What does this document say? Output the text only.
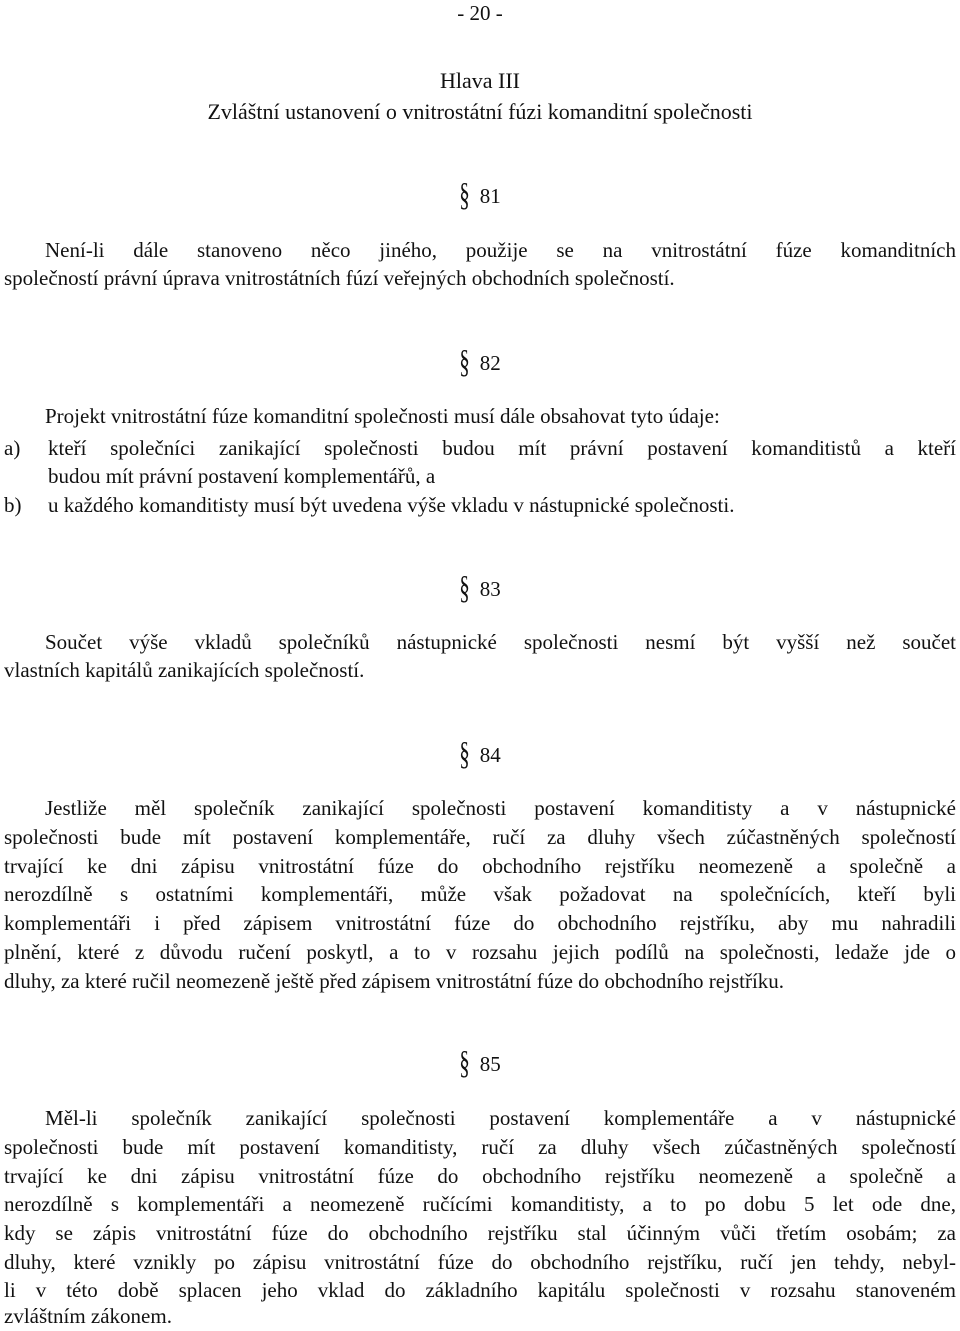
- 20 -
Hlava III
Zvláštní ustanovení o vnitrostátní fúzi komanditní společnosti
§ 81
Není-li dále stanoveno něco jiného, použije se na vnitrostátní fúze komanditních
společností právní úprava vnitrostátních fúzí veřejných obchodních společností.
§ 82
Projekt vnitrostátní fúze komanditní společnosti musí dále obsahovat tyto údaje:
a) kteří společníci zanikající společnosti budou mít právní postavení komanditistů a kteří
budou mít právní postavení komplementářů, a
b) u každého komanditisty musí být uvedena výše vkladu v nástupnické společnosti.
§ 83
Součet výše vkladů společníků nástupnické společnosti nesmí být vyšší než součet
vlastních kapitálů zanikajících společností.
§ 84
Jestliže měl společník zanikající společnosti postavení komanditisty a v nástupnické
společnosti bude mít postavení komplementáře, ručí za dluhy všech zúčastněných společností
trvající ke dni zápisu vnitrostátní fúze do obchodního rejstříku neomezeně a společně a
nerozdílně s ostatními komplementáři, může však požadovat na společnících, kteří byli
komplementáři i před zápisem vnitrostátní fúze do obchodního rejstříku, aby mu nahradili
plnění, které z důvodu ručení poskytl, a to v rozsahu jejich podílů na společnosti, ledaže jde o
dluhy, za které ručil neomezeně ještě před zápisem vnitrostátní fúze do obchodního rejstříku.
§ 85
Měl-li společník zanikající společnosti postavení komplementáře a v nástupnické
společnosti bude mít postavení komanditisty, ručí za dluhy všech zúčastněných společností
trvající ke dni zápisu vnitrostátní fúze do obchodního rejstříku neomezeně a společně a
nerozdílně s komplementáři a neomezeně ručícími komanditisty, a to po dobu 5 let ode dne,
kdy se zápis vnitrostátní fúze do obchodního rejstříku stal účinným vůči třetím osobám; za
dluhy, které vznikly po zápisu vnitrostátní fúze do obchodního rejstříku, ručí jen tehdy, nebyl-
li v této době splacen jeho vklad do základního kapitálu společnosti v rozsahu stanoveném
zvláštním zákonem.
